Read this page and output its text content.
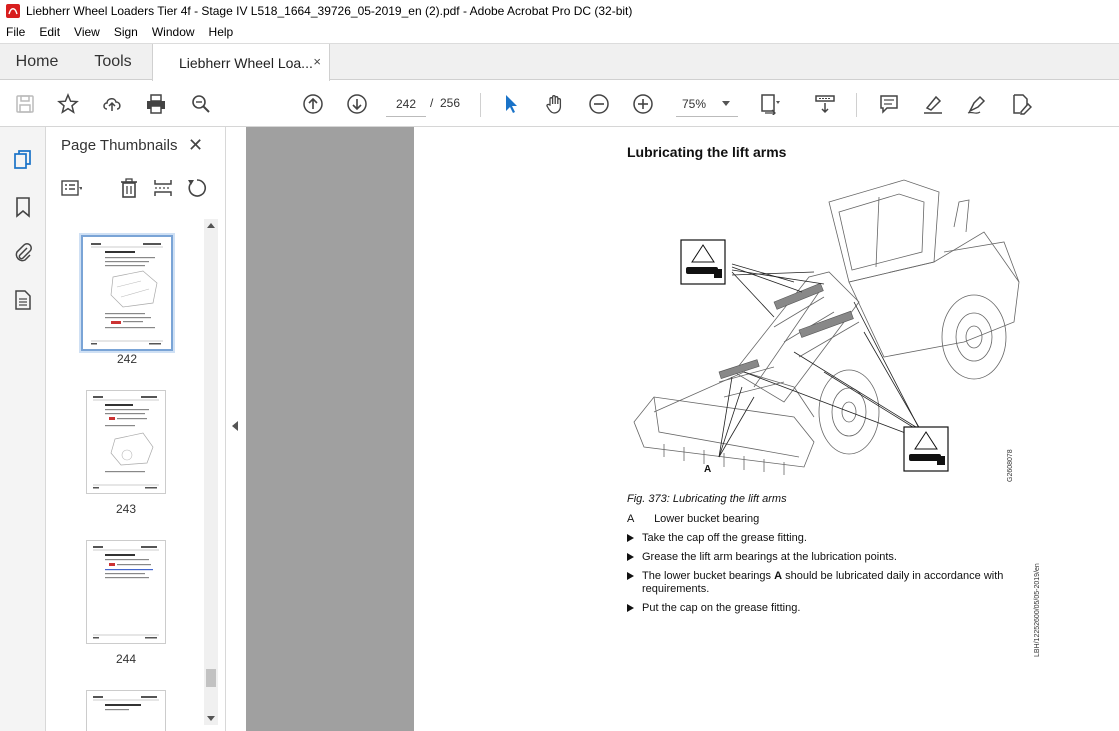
Liebherr Wheel Loaders Tier 4f - Stage IV L518_1664_39726_05-2019_en (2).pdf - Adobe Acrobat Pro DC (32-bit)
File	Edit	View	Sign	Window	Help
Home	Tools	Liebherr Wheel Loa... ×
242
/ 256	75%
Page Thumbnails ✕
242
243
244
Lubricating the lift arms
A	G2608078
Fig. 373: Lubricating the lift arms
A Lower bucket bearing
Take the cap off the grease fitting.
Grease the lift arm bearings at the lubrication points.
The lower bucket bearings A should be lubricated daily in accordance with requirements.
Put the cap on the grease fitting.	LBH/12252600/05/05-2019/en
